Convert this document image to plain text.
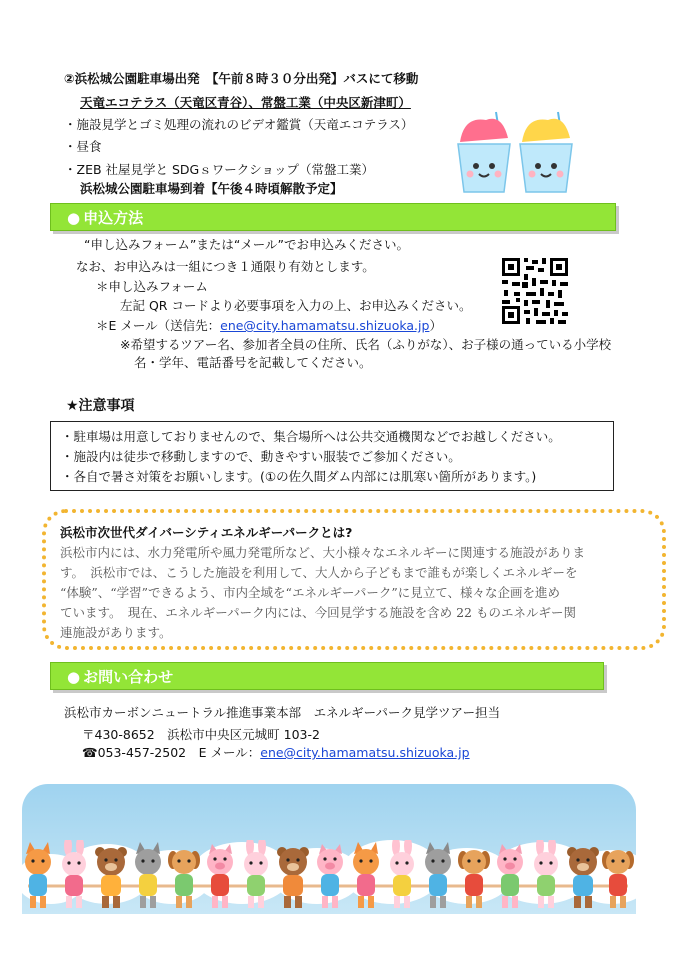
②浜松城公園駐車場出発　【午前８時３０分出発】バスにて移動
天竜エコテラス（天竜区青谷）、常盤工業（中央区新津町）
・施設見学とゴミ処理の流れのビデオ鑑賞（天竜エコテラス）
・昼食
・ZEB 社屋見学と SDGｓワークショップ（常盤工業）
浜松城公園駐車場到着【午後４時頃解散予定】
● 申込方法
“申し込みフォーム”または“メール”でお申込みください。
なお、お申込みは一組につき１通限り有効とします。
＊申し込みフォーム
左記 QR コードより必要事項を入力の上、お申込みください。
＊E メール（送信先：ene@city.hamamatsu.shizuoka.jp）
※希望するツアー名、参加者全員の住所、氏名（ふりがな）、お子様の通っている小学校
名・学年、電話番号を記載してください。
★注意事項
・駐車場は用意しておりませんので、集合場所へは公共交通機関などでお越しください。
・施設内は徒歩で移動しますので、動きやすい服装でご参加ください。
・各自で暑さ対策をお願いします。(①の佐久間ダム内部には肌寒い箇所があります。)
浜松市次世代ダイバーシティエネルギーパークとは?
浜松市内には、水力発電所や風力発電所など、大小様々なエネルギーに関連する施設がありま
す。　浜松市では、こうした施設を利用して、大人から子どもまで誰もが楽しくエネルギーを
“体験”、“学習”できるよう、市内全域を“エネルギーパーク”に見立て、様々な企画を進め
ています。　現在、エネルギーパーク内には、今回見学する施設を含め 22 ものエネルギー関
連施設があります。
● お問い合わせ
浜松市カーボンニュートラル推進事業本部　エネルギーパーク見学ツアー担当
〒430-8652　浜松市中央区元城町 103-2
☎053-457-2502　E メール：ene@city.hamamatsu.shizuoka.jp
